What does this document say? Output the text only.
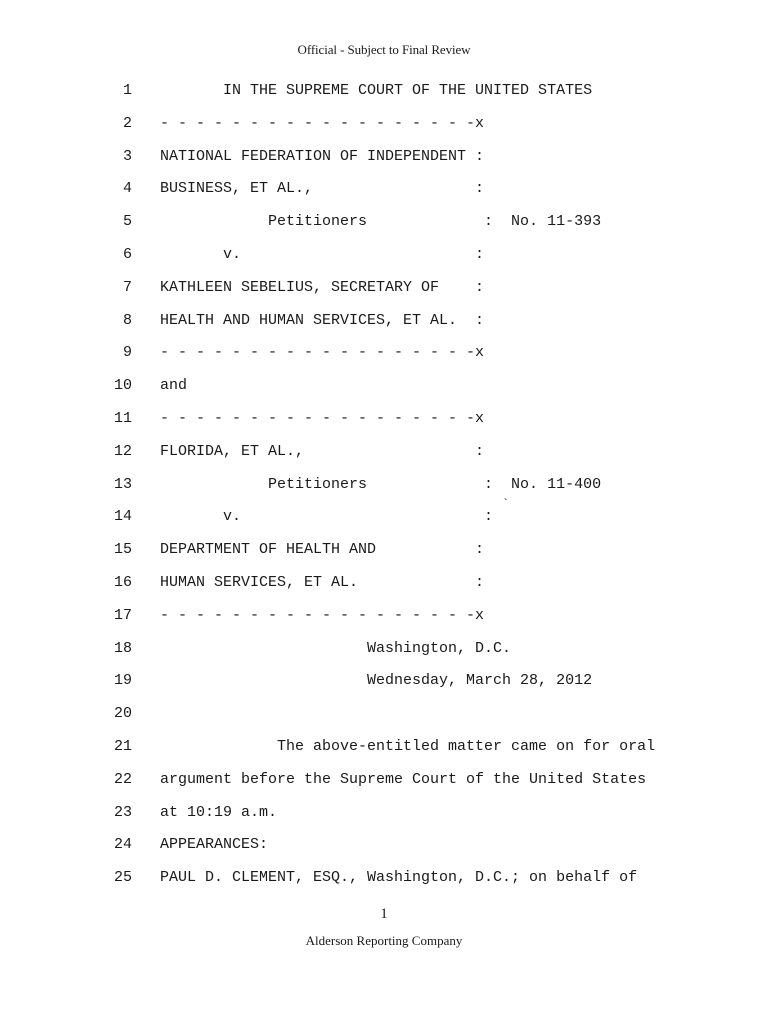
Official - Subject to Final Review
1 IN THE SUPREME COURT OF THE UNITED STATES
2 - - - - - - - - - - - - - - - - - -x
3 NATIONAL FEDERATION OF INDEPENDENT :
4 BUSINESS, ET AL.,                  :
5 Petitioners             :  No. 11-393
6 v.                          :
7 KATHLEEN SEBELIUS, SECRETARY OF    :
8 HEALTH AND HUMAN SERVICES, ET AL.  :
9 - - - - - - - - - - - - - - - - - -x
10 and
11 - - - - - - - - - - - - - - - - - -x
12 FLORIDA, ET AL.,                   :
13 Petitioners             :  No. 11-400
14 v.                           :
15 DEPARTMENT OF HEALTH AND           :
16 HUMAN SERVICES, ET AL.             :
17 - - - - - - - - - - - - - - - - - -x
18 Washington, D.C.
19 Wednesday, March 28, 2012
20
21 The above-entitled matter came on for oral
22 argument before the Supreme Court of the United States
23 at 10:19 a.m.
24 APPEARANCES:
25 PAUL D. CLEMENT, ESQ., Washington, D.C.; on behalf of
`
1
Alderson Reporting Company
